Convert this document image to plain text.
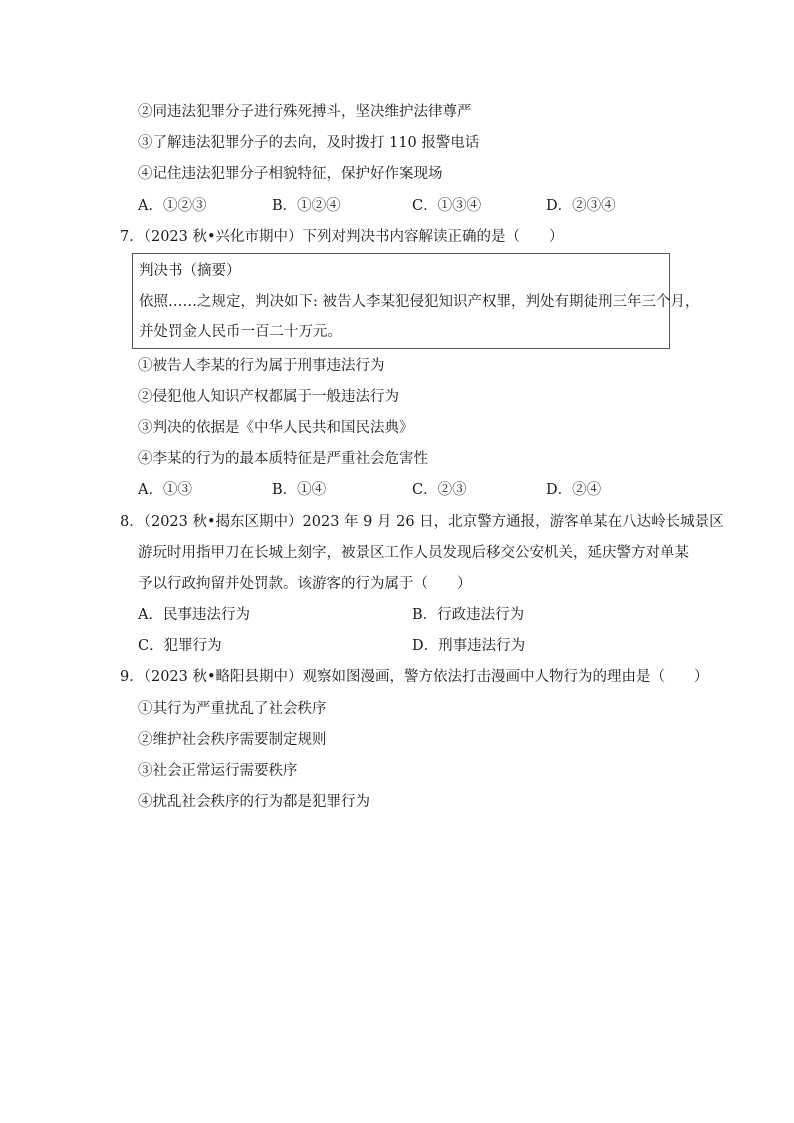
②同违法犯罪分子进行殊死搏斗，坚决维护法律尊严
③了解违法犯罪分子的去向，及时拨打 110 报警电话
④记住违法犯罪分子相貌特征，保护好作案现场
A．①②③	B．①②④	C．①③④	D．②③④
7．（2023 秋•兴化市期中）下列对判决书内容解读正确的是（　　）
判决书（摘要）
依照……之规定，判决如下: 被告人李某犯侵犯知识产权罪，判处有期徒刑三年三个月，
并处罚金人民币一百二十万元。
①被告人李某的行为属于刑事违法行为
②侵犯他人知识产权都属于一般违法行为
③判决的依据是《中华人民共和国民法典》
④李某的行为的最本质特征是严重社会危害性
A．①③	B．①④	C．②③	D．②④
8．（2023 秋•揭东区期中）2023 年 9 月 26 日，北京警方通报，游客单某在八达岭长城景区
游玩时用指甲刀在长城上刻字，被景区工作人员发现后移交公安机关，延庆警方对单某
予以行政拘留并处罚款。该游客的行为属于（　　）
A．民事违法行为	B．行政违法行为
C．犯罪行为	D．刑事违法行为
9．（2023 秋•略阳县期中）观察如图漫画，警方依法打击漫画中人物行为的理由是（　　）
①其行为严重扰乱了社会秩序
②维护社会秩序需要制定规则
③社会正常运行需要秩序
④扰乱社会秩序的行为都是犯罪行为
